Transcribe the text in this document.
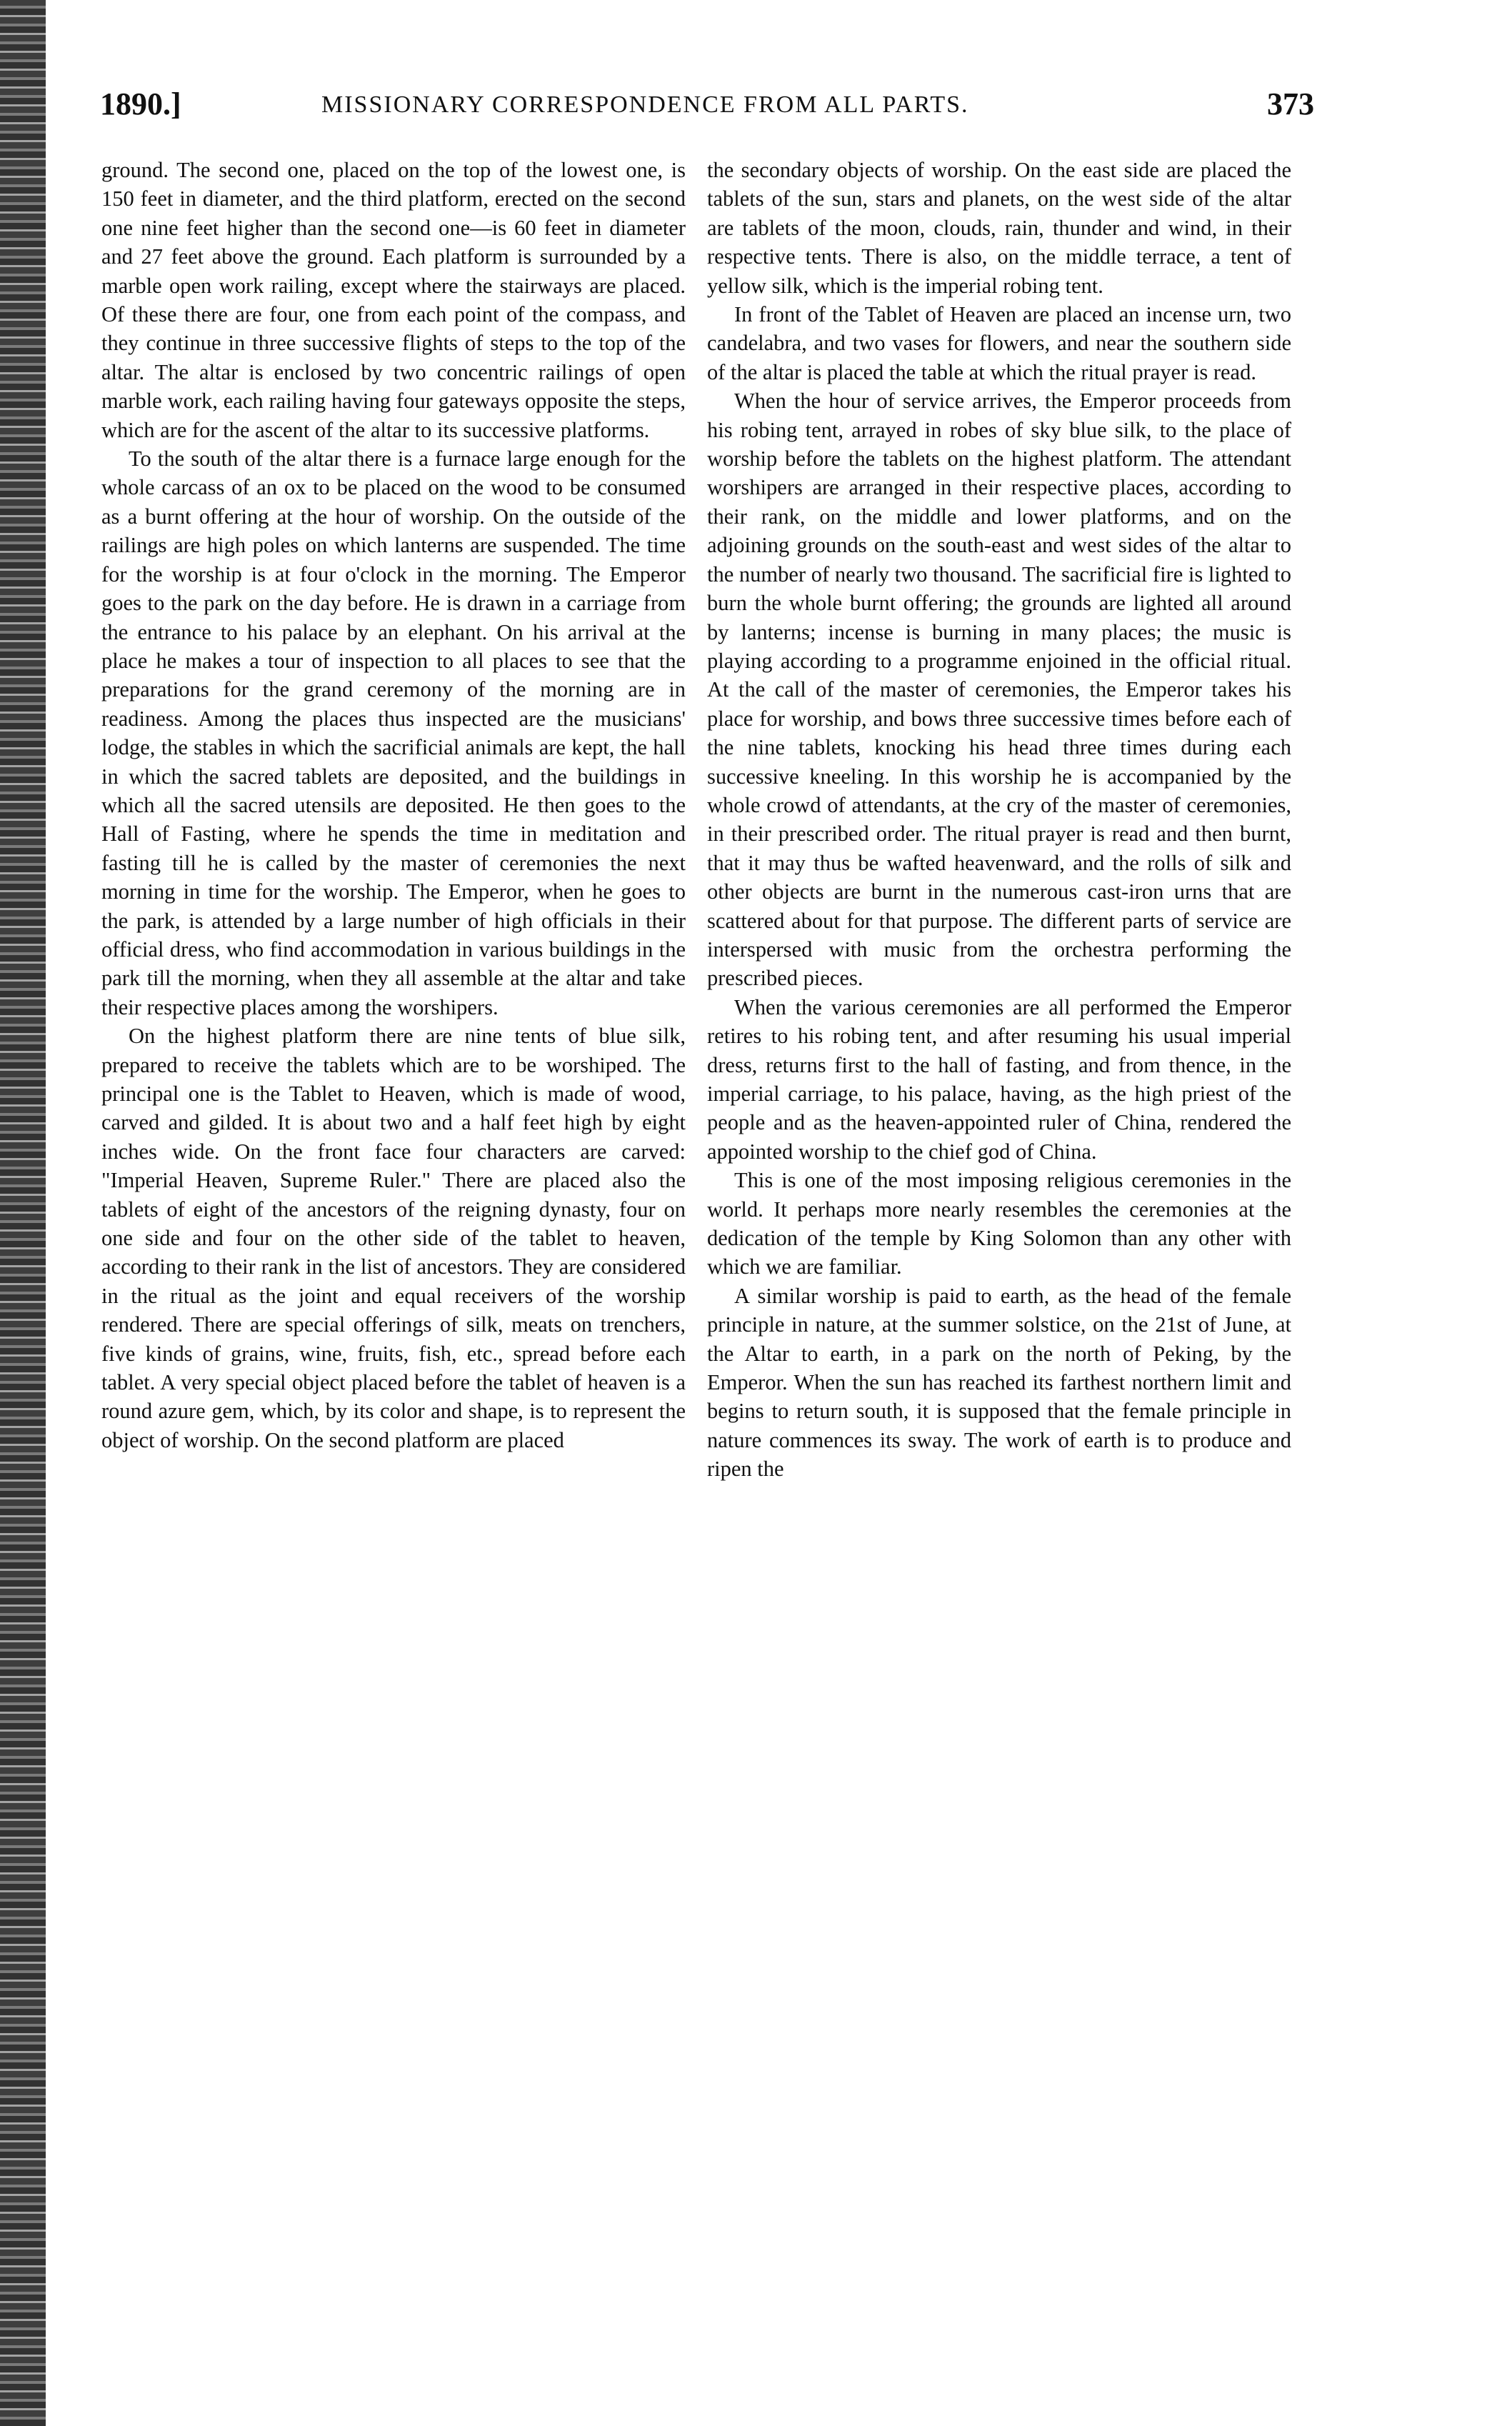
1890.]	MISSIONARY CORRESPONDENCE FROM ALL PARTS.	373

ground. The second one, placed on the top of the lowest one, is 150 feet in diameter, and the third platform, erected on the second one nine feet higher than the second one—is 60 feet in diameter and 27 feet above the ground. Each platform is surrounded by a marble open work railing, except where the stairways are placed. Of these there are four, one from each point of the compass, and they continue in three successive flights of steps to the top of the altar. The altar is enclosed by two concentric railings of open marble work, each railing having four gateways opposite the steps, which are for the ascent of the altar to its successive platforms.

To the south of the altar there is a furnace large enough for the whole carcass of an ox to be placed on the wood to be consumed as a burnt offering at the hour of worship. On the outside of the railings are high poles on which lanterns are suspended. The time for the worship is at four o'clock in the morning. The Emperor goes to the park on the day before. He is drawn in a carriage from the entrance to his palace by an elephant. On his arrival at the place he makes a tour of inspection to all places to see that the preparations for the grand ceremony of the morning are in readiness. Among the places thus inspected are the musicians' lodge, the stables in which the sacrificial animals are kept, the hall in which the sacred tablets are deposited, and the buildings in which all the sacred utensils are deposited. He then goes to the Hall of Fasting, where he spends the time in meditation and fasting till he is called by the master of ceremonies the next morning in time for the worship. The Emperor, when he goes to the park, is attended by a large number of high officials in their official dress, who find accommodation in various buildings in the park till the morning, when they all assemble at the altar and take their respective places among the worshipers.

On the highest platform there are nine tents of blue silk, prepared to receive the tablets which are to be worshiped. The principal one is the Tablet to Heaven, which is made of wood, carved and gilded. It is about two and a half feet high by eight inches wide. On the front face four characters are carved: "Imperial Heaven, Supreme Ruler." There are placed also the tablets of eight of the ancestors of the reigning dynasty, four on one side and four on the other side of the tablet to heaven, according to their rank in the list of ancestors. They are considered in the ritual as the joint and equal receivers of the worship rendered. There are special offerings of silk, meats on trenchers, five kinds of grains, wine, fruits, fish, etc., spread before each tablet. A very special object placed before the tablet of heaven is a round azure gem, which, by its color and shape, is to represent the object of worship. On the second platform are placed

the secondary objects of worship. On the east side are placed the tablets of the sun, stars and planets, on the west side of the altar are tablets of the moon, clouds, rain, thunder and wind, in their respective tents. There is also, on the middle terrace, a tent of yellow silk, which is the imperial robing tent.

In front of the Tablet of Heaven are placed an incense urn, two candelabra, and two vases for flowers, and near the southern side of the altar is placed the table at which the ritual prayer is read.

When the hour of service arrives, the Emperor proceeds from his robing tent, arrayed in robes of sky blue silk, to the place of worship before the tablets on the highest platform. The attendant worshipers are arranged in their respective places, according to their rank, on the middle and lower platforms, and on the adjoining grounds on the south-east and west sides of the altar to the number of nearly two thousand. The sacrificial fire is lighted to burn the whole burnt offering; the grounds are lighted all around by lanterns; incense is burning in many places; the music is playing according to a programme enjoined in the official ritual. At the call of the master of ceremonies, the Emperor takes his place for worship, and bows three successive times before each of the nine tablets, knocking his head three times during each successive kneeling. In this worship he is accompanied by the whole crowd of attendants, at the cry of the master of ceremonies, in their prescribed order. The ritual prayer is read and then burnt, that it may thus be wafted heavenward, and the rolls of silk and other objects are burnt in the numerous cast-iron urns that are scattered about for that purpose. The different parts of service are interspersed with music from the orchestra performing the prescribed pieces.

When the various ceremonies are all performed the Emperor retires to his robing tent, and after resuming his usual imperial dress, returns first to the hall of fasting, and from thence, in the imperial carriage, to his palace, having, as the high priest of the people and as the heaven-appointed ruler of China, rendered the appointed worship to the chief god of China.

This is one of the most imposing religious ceremonies in the world. It perhaps more nearly resembles the ceremonies at the dedication of the temple by King Solomon than any other with which we are familiar.

A similar worship is paid to earth, as the head of the female principle in nature, at the summer solstice, on the 21st of June, at the Altar to earth, in a park on the north of Peking, by the Emperor. When the sun has reached its farthest northern limit and begins to return south, it is supposed that the female principle in nature commences its sway. The work of earth is to produce and ripen the
